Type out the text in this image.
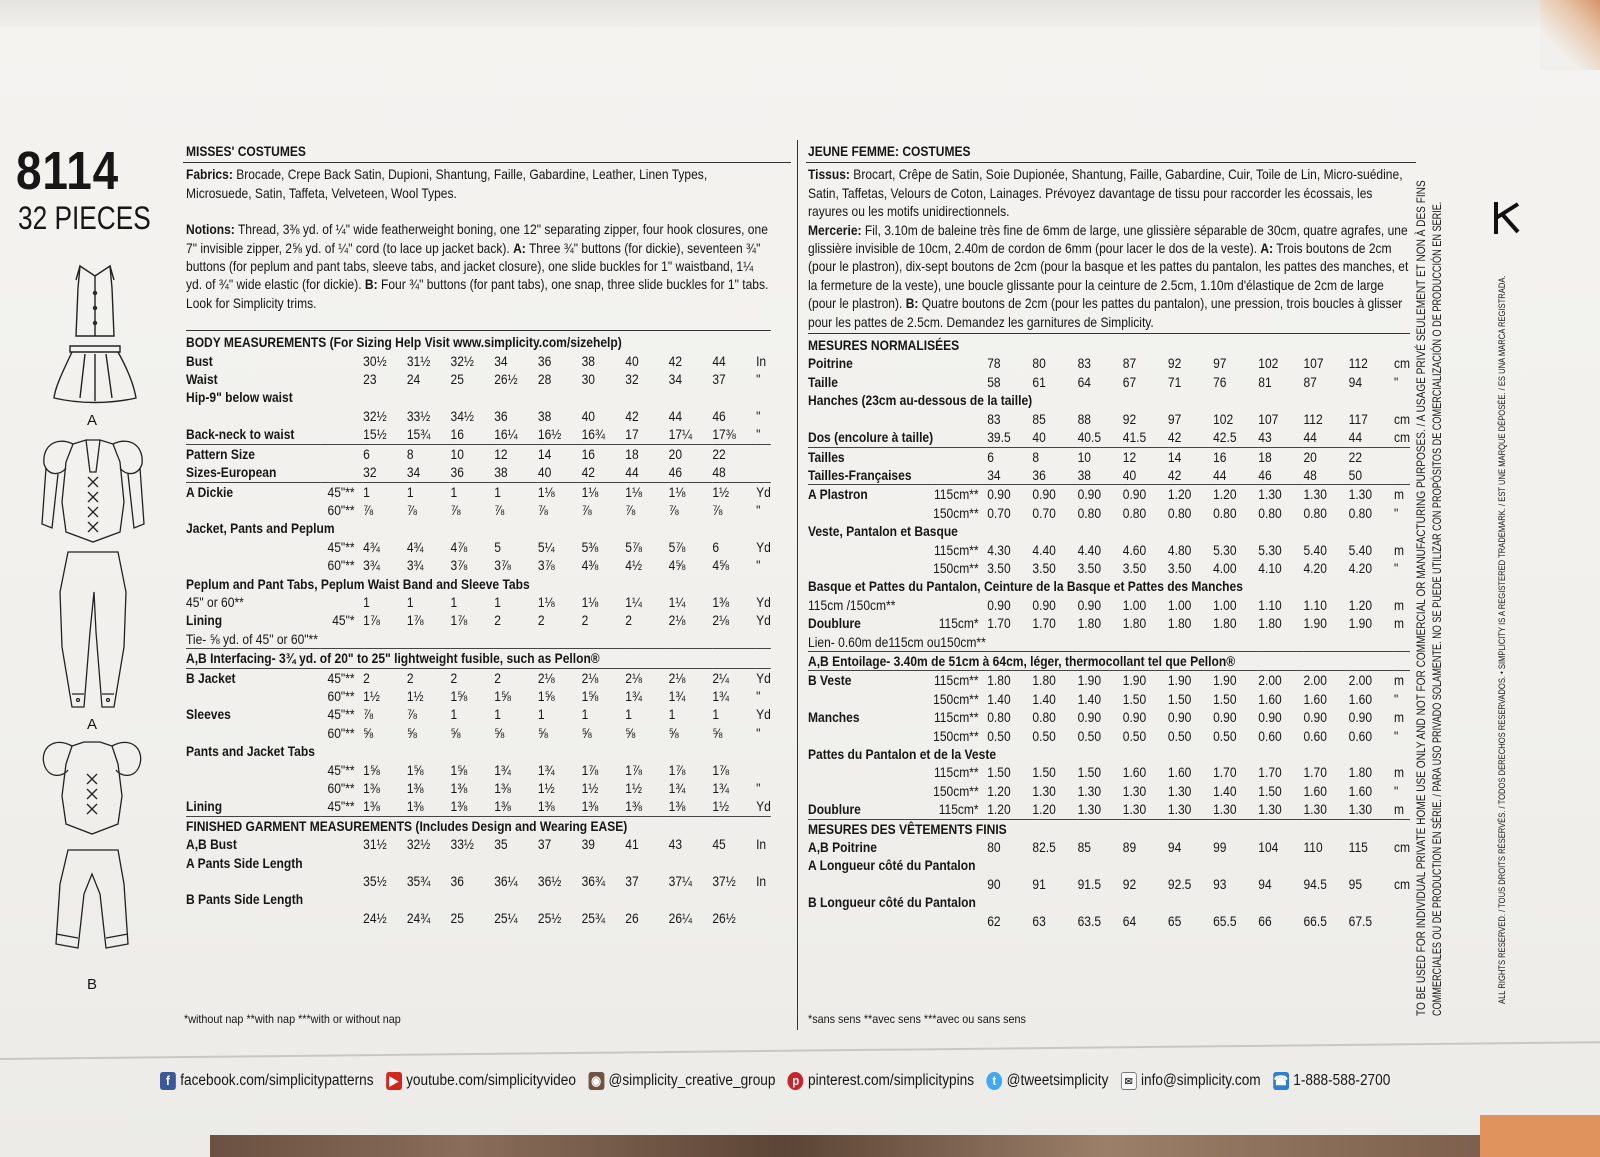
8114
32 PIECES
A
A
B
MISSES' COSTUMES
Fabrics: Brocade, Crepe Back Satin, Dupioni, Shantung, Faille, Gabardine, Leather, Linen Types, Microsuede, Satin, Taffeta, Velveteen, Wool Types.
Notions: Thread, 3⅜ yd. of ¼" wide featherweight boning, one 12" separating zipper, four hook closures, one 7" invisible zipper, 2⅝ yd. of ¼" cord (to lace up jacket back). A: Three ¾" buttons (for dickie), seventeen ¾" buttons (for peplum and pant tabs, sleeve tabs, and jacket closure), one slide buckles for 1" waistband, 1¼ yd. of ¾" wide elastic (for dickie). B: Four ¾" buttons (for pant tabs), one snap, three slide buckles for 1" tabs. Look for Simplicity trims.
BODY MEASUREMENTS (For Sizing Help Visit www.simplicity.com/sizehelp)
Bust		30½	31½	32½	34	36	38	40	42	44	In
Waist		23	24	25	26½	28	30	32	34	37	"
Hip-9" below waist											
		32½	33½	34½	36	38	40	42	44	46	"
Back-neck to waist		15½	15¾	16	16¼	16½	16¾	17	17¼	17⅜	"
Pattern Size		6	8	10	12	14	16	18	20	22	
Sizes-European		32	34	36	38	40	42	44	46	48	
A Dickie	45"**	1	1	1	1	1⅛	1⅛	1⅛	1⅛	1½	Yd
	60"**	⅞	⅞	⅞	⅞	⅞	⅞	⅞	⅞	⅞	"
Jacket, Pants and Peplum											
	45"**	4¾	4¾	4⅞	5	5¼	5⅜	5⅞	5⅞	6	Yd
	60"**	3¾	3¾	3⅞	3⅞	3⅞	4⅜	4½	4⅝	4⅝	"
Peplum and Pant Tabs, Peplum Waist Band and Sleeve Tabs											
45" or 60**		1	1	1	1	1⅛	1⅛	1¼	1¼	1⅜	Yd
Lining	45"*	1⅞	1⅞	1⅞	2	2	2	2	2⅛	2⅛	Yd
Tie- ⅝ yd. of 45" or 60"**											
A,B Interfacing- 3¾ yd. of 20" to 25" lightweight fusible, such as Pellon®											
B Jacket	45"**	2	2	2	2	2⅛	2⅛	2⅛	2⅛	2¼	Yd
	60"**	1½	1½	1⅝	1⅝	1⅝	1⅝	1¾	1¾	1¾	"
Sleeves	45"**	⅞	⅞	1	1	1	1	1	1	1	Yd
	60"**	⅝	⅝	⅝	⅝	⅝	⅝	⅝	⅝	⅝	"
Pants and Jacket Tabs											
	45"**	1⅝	1⅝	1⅝	1¾	1¾	1⅞	1⅞	1⅞	1⅞	
	60"**	1⅜	1⅜	1⅜	1⅜	1½	1½	1½	1¾	1¾	"
Lining	45"**	1⅜	1⅜	1⅜	1⅜	1⅜	1⅜	1⅜	1⅜	1½	Yd
FINISHED GARMENT MEASUREMENTS (Includes Design and Wearing EASE)											
A,B Bust		31½	32½	33½	35	37	39	41	43	45	In
A Pants Side Length											
		35½	35¾	36	36¼	36½	36¾	37	37¼	37½	In
B Pants Side Length											
		24½	24¾	25	25¼	25½	25¾	26	26¼	26½	
*without nap **with nap ***with or without nap
JEUNE FEMME: COSTUMES
Tissus: Brocart, Crêpe de Satin, Soie Dupionée, Shantung, Faille, Gabardine, Cuir, Toile de Lin, Micro-suédine, Satin, Taffetas, Velours de Coton, Lainages. Prévoyez davantage de tissu pour raccorder les écossais, les rayures ou les motifs unidirectionnels.
Mercerie: Fil, 3.10m de baleine très fine de 6mm de large, une glissière séparable de 30cm, quatre agrafes, une glissière invisible de 10cm, 2.40m de cordon de 6mm (pour lacer le dos de la veste). A: Trois boutons de 2cm (pour le plastron), dix-sept boutons de 2cm (pour la basque et les pattes du pantalon, les pattes des manches, et la fermeture de la veste), une boucle glissante pour la ceinture de 2.5cm, 1.10m d'élastique de 2cm de large (pour le plastron). B: Quatre boutons de 2cm (pour les pattes du pantalon), une pression, trois boucles à glisser pour les pattes de 2.5cm. Demandez les garnitures de Simplicity.
MESURES NORMALISÉES
Poitrine		78	80	83	87	92	97	102	107	112	cm
Taille		58	61	64	67	71	76	81	87	94	"
Hanches (23cm au-dessous de la taille)											
		83	85	88	92	97	102	107	112	117	cm
Dos (encolure à taille)		39.5	40	40.5	41.5	42	42.5	43	44	44	cm
Tailles		6	8	10	12	14	16	18	20	22	
Tailles-Françaises		34	36	38	40	42	44	46	48	50	
A Plastron	115cm**	0.90	0.90	0.90	0.90	1.20	1.20	1.30	1.30	1.30	m
	150cm**	0.70	0.70	0.80	0.80	0.80	0.80	0.80	0.80	0.80	"
Veste, Pantalon et Basque											
	115cm**	4.30	4.40	4.40	4.60	4.80	5.30	5.30	5.40	5.40	m
	150cm**	3.50	3.50	3.50	3.50	3.50	4.00	4.10	4.20	4.20	"
Basque et Pattes du Pantalon, Ceinture de la Basque et Pattes des Manches											
115cm /150cm**		0.90	0.90	0.90	1.00	1.00	1.00	1.10	1.10	1.20	m
Doublure	115cm*	1.70	1.70	1.80	1.80	1.80	1.80	1.80	1.90	1.90	m
Lien- 0.60m de115cm ou150cm**											
A,B Entoilage- 3.40m de 51cm à 64cm, léger, thermocollant tel que Pellon®											
B Veste	115cm**	1.80	1.80	1.90	1.90	1.90	1.90	2.00	2.00	2.00	m
	150cm**	1.40	1.40	1.40	1.50	1.50	1.50	1.60	1.60	1.60	"
Manches	115cm**	0.80	0.80	0.90	0.90	0.90	0.90	0.90	0.90	0.90	m
	150cm**	0.50	0.50	0.50	0.50	0.50	0.50	0.60	0.60	0.60	"
Pattes du Pantalon et de la Veste											
	115cm**	1.50	1.50	1.50	1.60	1.60	1.70	1.70	1.70	1.80	m
	150cm**	1.20	1.30	1.30	1.30	1.30	1.40	1.50	1.60	1.60	"
Doublure	115cm*	1.20	1.20	1.30	1.30	1.30	1.30	1.30	1.30	1.30	m
MESURES DES VÊTEMENTS FINIS											
A,B Poitrine		80	82.5	85	89	94	99	104	110	115	cm
A Longueur côté du Pantalon											
		90	91	91.5	92	92.5	93	94	94.5	95	cm
B Longueur côté du Pantalon											
		62	63	63.5	64	65	65.5	66	66.5	67.5	
*sans sens **avec sens ***avec ou sans sens
TO BE USED FOR INDIVIDUAL PRIVATE HOME USE ONLY AND NOT FOR COMMERCIAL OR MANUFACTURING PURPOSES. / A USAGE PRIVÉ SEULEMENT ET NON À DES FINS COMMERCIALES OU DE PRODUCTION EN SÉRIE. / PARA USO PRIVADO SOLAMENTE. NO SE PUEDE UTILIZAR CON PROPÓSITOS DE COMERCIALIZACIÓN O DE PRODUCCIÓN EN SERIE.	ALL RIGHTS RESERVED. / TOUS DROITS RÉSERVÉS. / TODOS DERECHOS RESERVADOS. • SIMPLICITY IS A REGISTERED TRADEMARK. / EST UNE MARQUE DÉPOSÉE. / ES UNA MARCA REGISTRADA.
f facebook.com/simplicitypatterns ▶ youtube.com/simplicityvideo ◉ @simplicity_creative_group	p pinterest.com/simplicitypins	t @tweetsimplicity	✉ info@simplicity.com ☎ 1-888-588-2700
